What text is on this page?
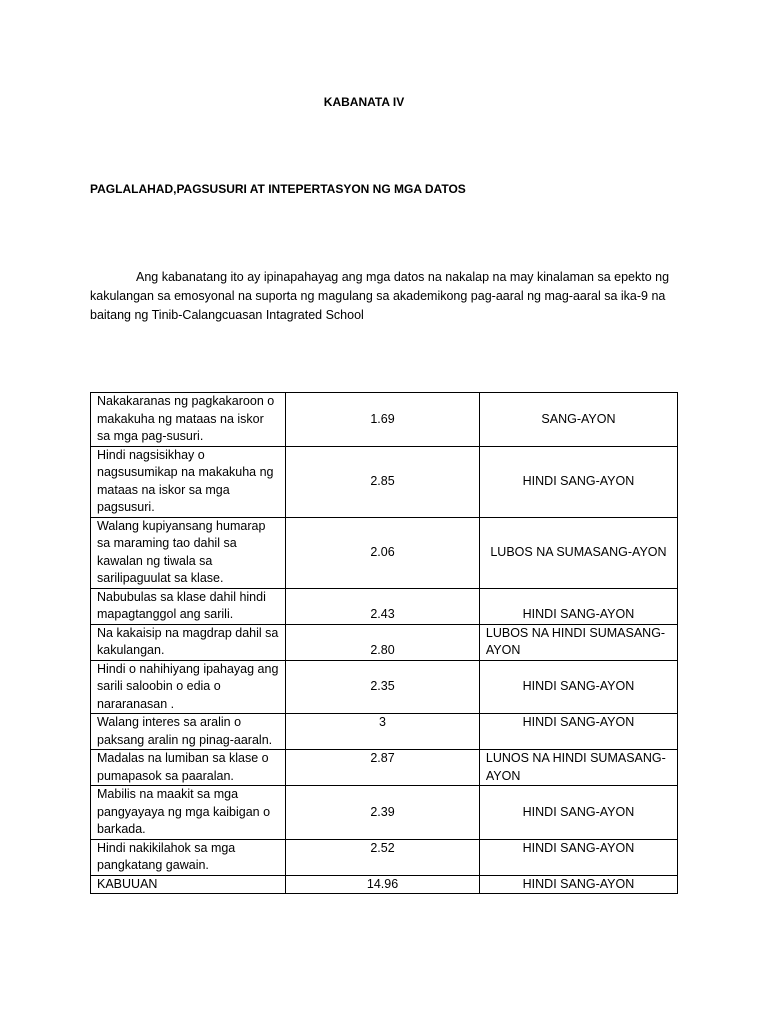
KABANATA IV
PAGLALAHAD,PAGSUSURI AT INTEPERTASYON NG MGA DATOS
Ang kabanatang ito ay ipinapahayag ang mga datos na nakalap na may kinalaman sa epekto ng kakulangan sa emosyonal na suporta ng magulang sa akademikong pag-aaral ng mag-aaral sa ika-9 na baitang ng Tinib-Calangcuasan Intagrated School
Nakakaranas ng pagkakaroon o makakuha ng mataas na iskor sa mga pag-susuri.	1.69	SANG-AYON
Hindi nagsisikhay o nagsusumikap na makakuha ng mataas na iskor sa mga pagsusuri.	2.85	HINDI SANG-AYON
Walang kupiyansang humarap sa maraming tao dahil sa kawalan ng tiwala sa sarilipaguulat sa klase.	2.06	LUBOS NA SUMASANG-AYON
Nabubulas sa klase dahil hindi mapagtanggol ang sarili.	2.43	HINDI SANG-AYON
Na kakaisip na magdrap dahil sa kakulangan.	2.80	LUBOS NA HINDI SUMASANG-AYON
Hindi o nahihiyang ipahayag ang sarili saloobin o edia o nararanasan .	2.35	HINDI SANG-AYON
Walang interes sa aralin o paksang aralin ng pinag-aaraln.	3	HINDI SANG-AYON
Madalas na lumiban sa klase o pumapasok sa paaralan.	2.87	LUNOS NA HINDI SUMASANG-AYON
Mabilis na maakit sa mga pangyayaya ng mga kaibigan o barkada.	2.39	HINDI SANG-AYON
Hindi nakikilahok sa mga pangkatang gawain.	2.52	HINDI SANG-AYON
KABUUAN	14.96	HINDI SANG-AYON
